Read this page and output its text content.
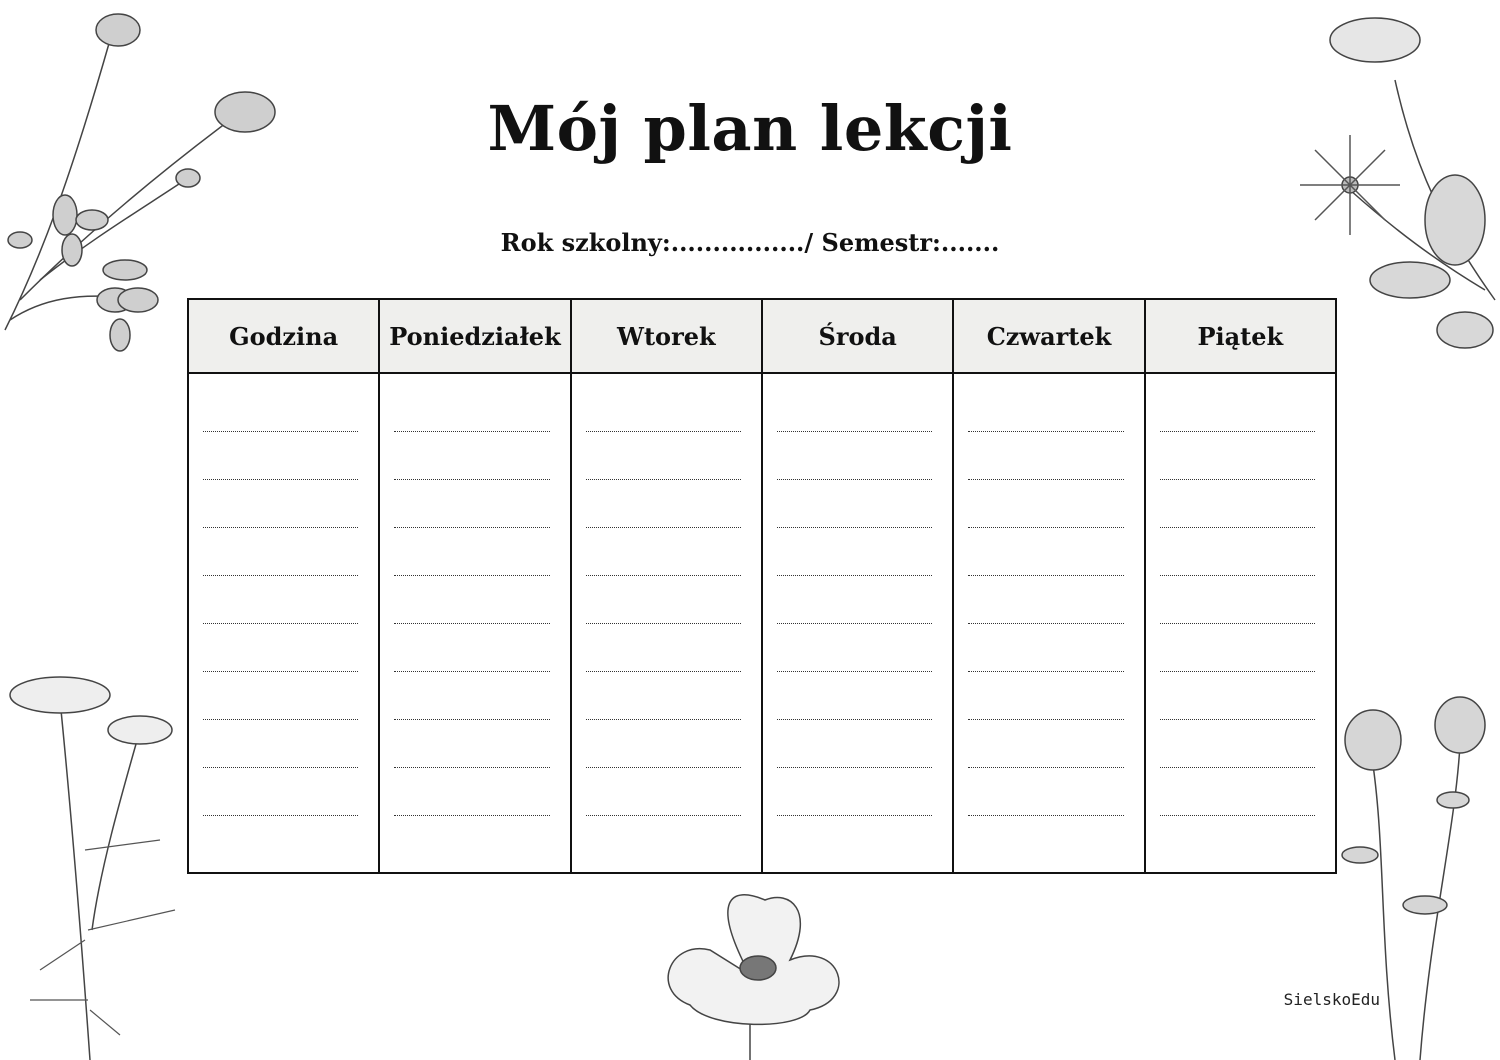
Mój plan lekcji
Rok szkolny:................/ Semestr:.......
Godzina	Poniedziałek	Wtorek	Środa	Czwartek	Piątek
SielskoEdu
